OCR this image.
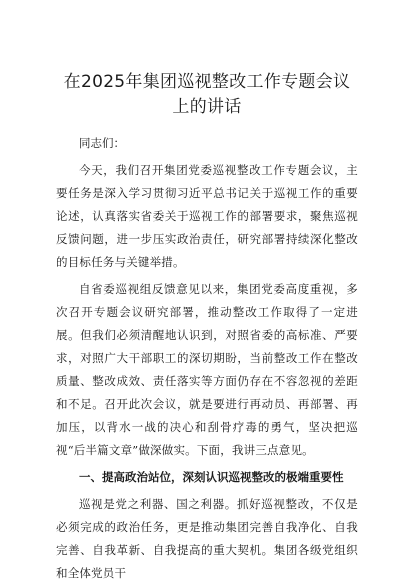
在2025年集团巡视整改工作专题会议上的讲话

同志们：

今天，我们召开集团党委巡视整改工作专题会议，主要任务是深入学习贯彻习近平总书记关于巡视工作的重要论述，认真落实省委关于巡视工作的部署要求，聚焦巡视反馈问题，进一步压实政治责任，研究部署持续深化整改的目标任务与关键举措。

自省委巡视组反馈意见以来，集团党委高度重视，多次召开专题会议研究部署，推动整改工作取得了一定进展。但我们必须清醒地认识到，对照省委的高标准、严要求，对照广大干部职工的深切期盼，当前整改工作在整改质量、整改成效、责任落实等方面仍存在不容忽视的差距和不足。召开此次会议，就是要进行再动员、再部署、再加压，以背水一战的决心和刮骨疗毒的勇气，坚决把巡视“后半篇文章”做深做实。下面，我讲三点意见。

一、提高政治站位，深刻认识巡视整改的极端重要性

巡视是党之利器、国之利器。抓好巡视整改，不仅是必须完成的政治任务，更是推动集团完善自我净化、自我完善、自我革新、自我提高的重大契机。集团各级党组织和全体党员干
